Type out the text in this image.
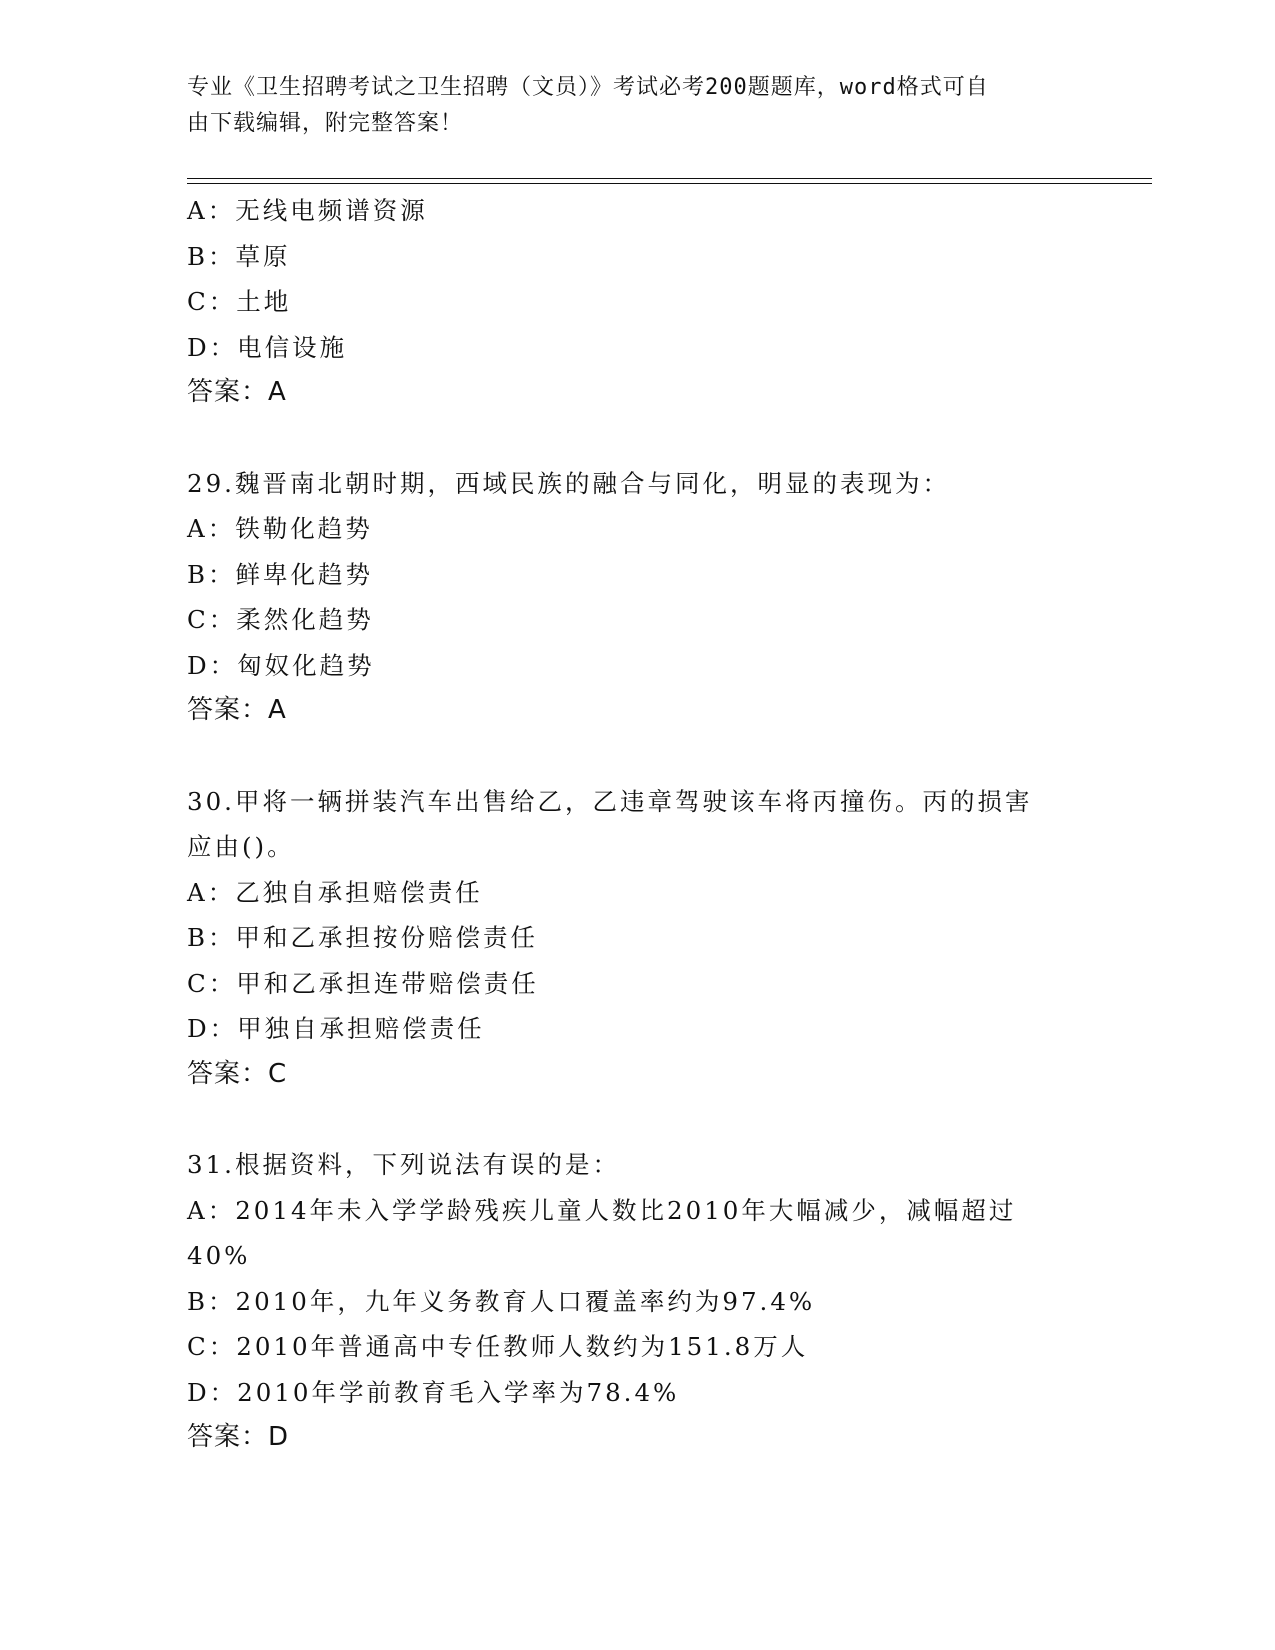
专业《卫生招聘考试之卫生招聘（文员）》考试必考200题题库，word格式可自
由下载编辑，附完整答案！
A：无线电频谱资源
B：草原
C：土地
D：电信设施
答案：A
29.魏晋南北朝时期，西域民族的融合与同化，明显的表现为：
A：铁勒化趋势
B：鲜卑化趋势
C：柔然化趋势
D：匈奴化趋势
答案：A
30.甲将一辆拼装汽车出售给乙，乙违章驾驶该车将丙撞伤。丙的损害
应由()。
A：乙独自承担赔偿责任
B：甲和乙承担按份赔偿责任
C：甲和乙承担连带赔偿责任
D：甲独自承担赔偿责任
答案：C
31.根据资料，下列说法有误的是：
A：2014年未入学学龄残疾儿童人数比2010年大幅减少，减幅超过
40%
B：2010年，九年义务教育人口覆盖率约为97.4%
C：2010年普通高中专任教师人数约为151.8万人
D：2010年学前教育毛入学率为78.4%
答案：D
